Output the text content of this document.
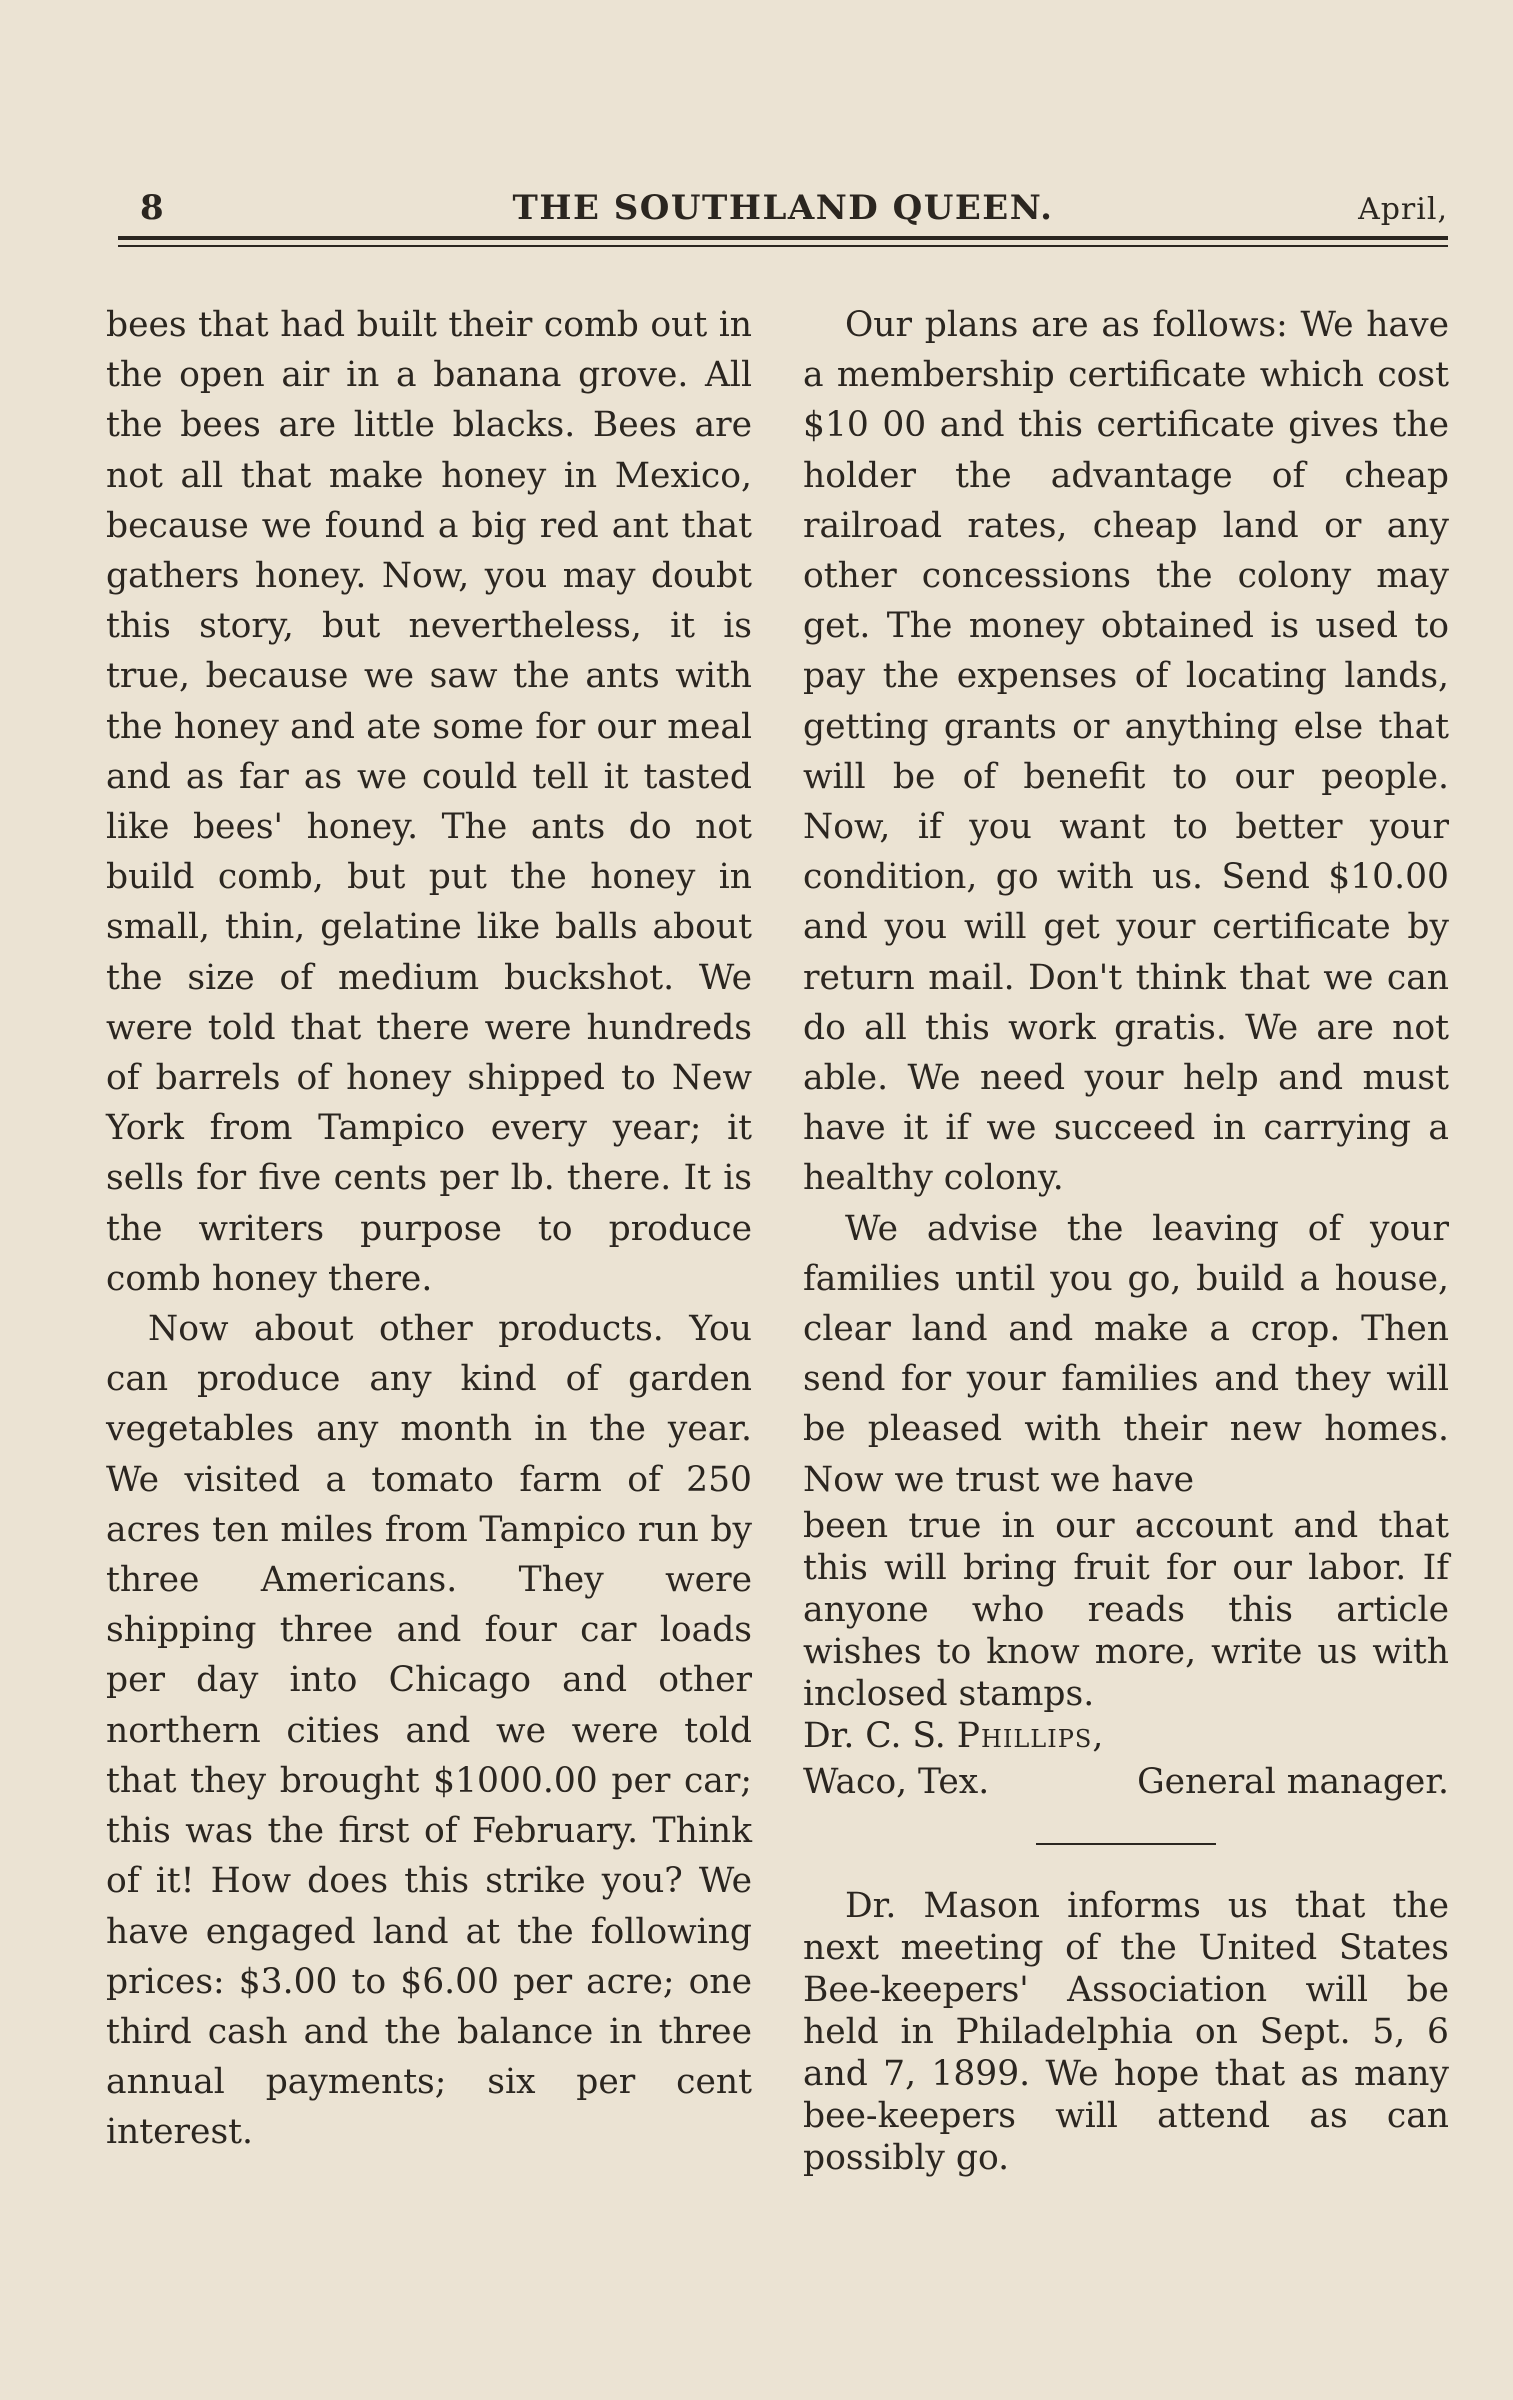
8	THE SOUTHLAND QUEEN.	April,

bees that had built their comb out in the open air in a banana grove. All the bees are little blacks. Bees are not all that make honey in Mexico, because we found a big red ant that gathers honey. Now, you may doubt this story, but nevertheless, it is true, because we saw the ants with the honey and ate some for our meal and as far as we could tell it tasted like bees' honey. The ants do not build comb, but put the honey in small, thin, gelatine like balls about the size of medium buckshot. We were told that there were hundreds of barrels of honey shipped to New York from Tampico every year; it sells for five cents per lb. there. It is the writers purpose to produce comb honey there.

Now about other products. You can produce any kind of garden vegetables any month in the year. We visited a tomato farm of 250 acres ten miles from Tampico run by three Americans. They were shipping three and four car loads per day into Chicago and other northern cities and we were told that they brought $1000.00 per car; this was the first of February. Think of it! How does this strike you? We have engaged land at the following prices: $3.00 to $6.00 per acre; one third cash and the balance in three annual payments; six per cent interest.

Our plans are as follows: We have a membership certificate which cost $10 00 and this certificate gives the holder the advantage of cheap railroad rates, cheap land or any other concessions the colony may get. The money obtained is used to pay the expenses of locating lands, getting grants or anything else that will be of benefit to our people. Now, if you want to better your condition, go with us. Send $10.00 and you will get your certificate by return mail. Don't think that we can do all this work gratis. We are not able. We need your help and must have it if we succeed in carrying a healthy colony.

We advise the leaving of your families until you go, build a house, clear land and make a crop. Then send for your families and they will be pleased with their new homes. Now we trust we have

been true in our account and that this will bring fruit for our labor. If anyone who reads this article wishes to know more, write us with inclosed stamps.

Dr. C. S. Phillips,

Waco, Tex.	General manager.

Dr. Mason informs us that the next meeting of the United States Bee-keepers' Association will be held in Philadelphia on Sept. 5, 6 and 7, 1899. We hope that as many bee-keepers will attend as can possibly go.
